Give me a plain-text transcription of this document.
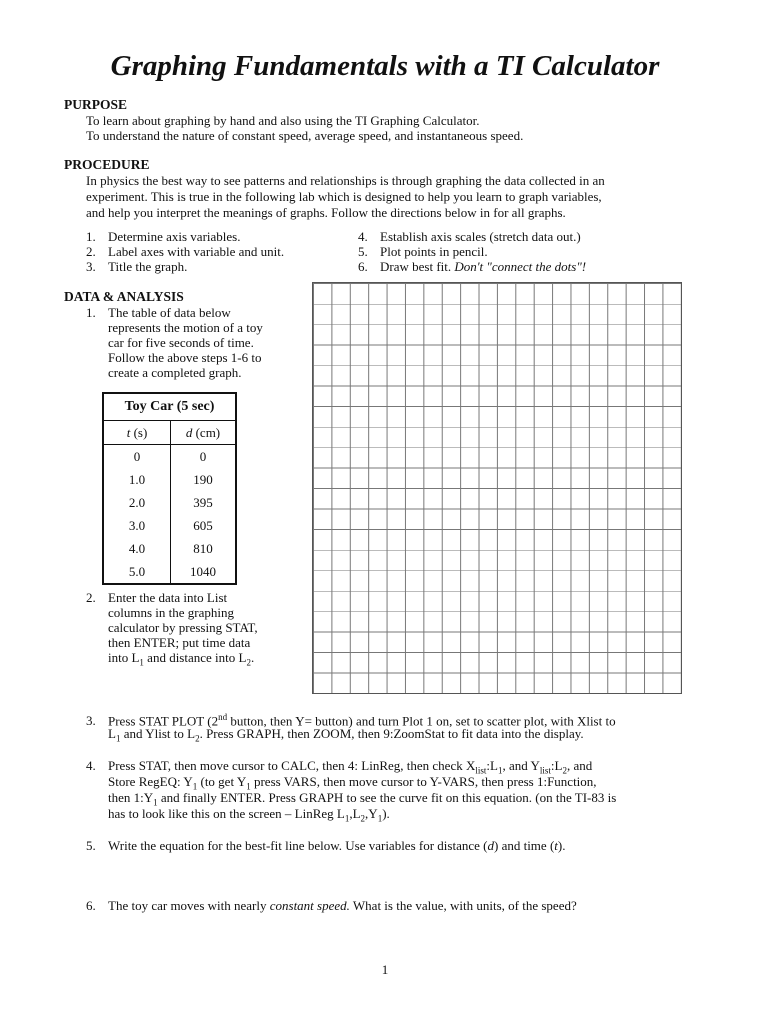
Graphing Fundamentals with a TI Calculator
PURPOSE
To learn about graphing by hand and also using the TI Graphing Calculator.
To understand the nature of constant speed, average speed, and instantaneous speed.
PROCEDURE
In physics the best way to see patterns and relationships is through graphing the data collected in an
experiment. This is true in the following lab which is designed to help you learn to graph variables,
and help you interpret the meanings of graphs. Follow the directions below in for all graphs.
1. Determine axis variables.
2. Label axes with variable and unit.
3. Title the graph.
4. Establish axis scales (stretch data out.)
5. Plot points in pencil.
6. Draw best fit. Don't "connect the dots"!
DATA & ANALYSIS
1. The table of data below
represents the motion of a toy
car for five seconds of time.
Follow the above steps 1-6 to
create a completed graph.
Toy Car (5 sec)	
t (s)	d (cm)
0	0
1.0	190
2.0	395
3.0	605
4.0	810
5.0	1040
2. Enter the data into List
columns in the graphing
calculator by pressing STAT,
then ENTER; put time data
into $L_1$ and distance into $L_2$.
3. Press STAT PLOT (2nd button, then Y= button) and turn Plot 1 on, set to scatter plot, with Xlist to
$L_1$ and Ylist to $L_2$. Press GRAPH, then ZOOM, then 9:ZoomStat to fit data into the display.
4. Press STAT, then move cursor to CALC, then 4: LinReg, then check $X_{list}:L_1$, and $Y_{list}:L_2$, and
Store RegEQ: $Y_1$ (to get $Y_1$ press VARS, then move cursor to Y-VARS, then press 1:Function,
then $1:Y_1$ and finally ENTER. Press GRAPH to see the curve fit on this equation. (on the TI-83 is
has to look like this on the screen – LinReg $L_1,L_2,Y_1$).
5. Write the equation for the best-fit line below. Use variables for distance (d) and time (t).
6. The toy car moves with nearly constant speed. What is the value, with units, of the speed?
1
